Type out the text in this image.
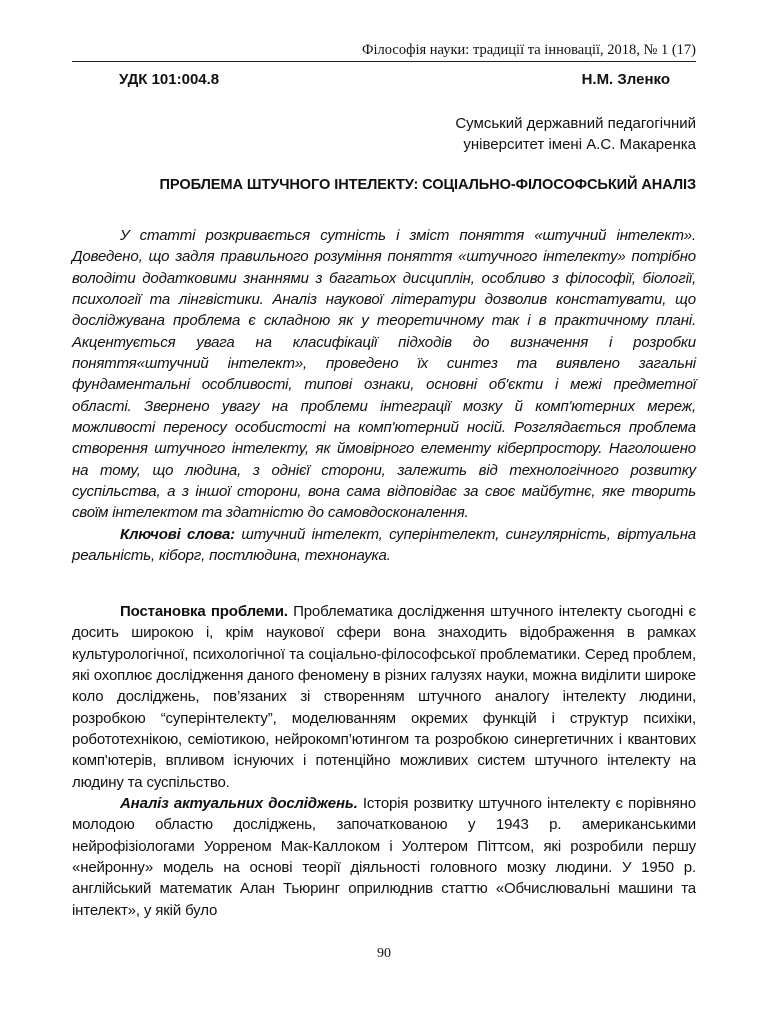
Філософія науки: традиції та інновації, 2018, № 1 (17)
УДК 101:004.8	Н.М. Зленко
Сумський державний педагогічний
університет імені А.С. Макаренка
ПРОБЛЕМА ШТУЧНОГО ІНТЕЛЕКТУ: СОЦІАЛЬНО-ФІЛОСОФСЬКИЙ АНАЛІЗ

У статті розкривається сутність і зміст поняття «штучний інтелект». Доведено, що задля правильного розуміння поняття «штучного інтелекту» потрібно володіти додатковими знаннями з багатьох дисциплін, особливо з філософії, біології, психології та лінгвістики. Аналіз наукової літератури дозволив констатувати, що досліджувана проблема є складною як у теоретичному так і в практичному плані. Акцентується увага на класифікації підходів до визначення і розробки поняття«штучний інтелект», проведено їх синтез та виявлено загальні фундаментальні особливості, типові ознаки, основні об'єкти і межі предметної області. Звернено увагу на проблеми інтеграції мозку й комп'ютерних мереж, можливості переносу особистості на комп'ютерний носій. Розглядається проблема створення штучного інтелекту, як ймовірного елементу кіберпростору. Наголошено на тому, що людина, з однієї сторони, залежить від технологічного розвитку суспільства, а з іншої сторони, вона сама відповідає за своє майбутнє, яке творить своїм інтелектом та здатністю до самовдосконалення.

Ключові слова: штучний інтелект, суперінтелект, сингулярність, віртуальна реальність, кіборг, постлюдина, технонаука.

Постановка проблеми. Проблематика дослідження штучного інтелекту сьогодні є досить широкою і, крім наукової сфери вона знаходить відображення в рамках культурологічної, психологічної та соціально-філософської проблематики. Серед проблем, які охоплює дослідження даного феномену в різних галузях науки, можна виділити широке коло досліджень, пов’язаних зі створенням штучного аналогу інтелекту людини, розробкою “суперінтелекту”, моделюванням окремих функцій і структур психіки, робототехнікою, семіотикою, нейрокомп’ютингом та розробкою синергетичних і квантових комп'ютерів, впливом існуючих і потенційно можливих систем штучного інтелекту на людину та суспільство.

Аналіз актуальних досліджень. Історія розвитку штучного інтелекту є порівняно молодою областю досліджень, започаткованою у 1943 р. американськими нейрофізіологами Уорреном Мак-Каллоком і Уолтером Піттсом, які розробили першу «нейронну» модель на основі теорії діяльності головного мозку людини. У 1950 р. англійський математик Алан Тьюринг оприлюднив статтю «Обчислювальні машини та інтелект», у якій було

90
